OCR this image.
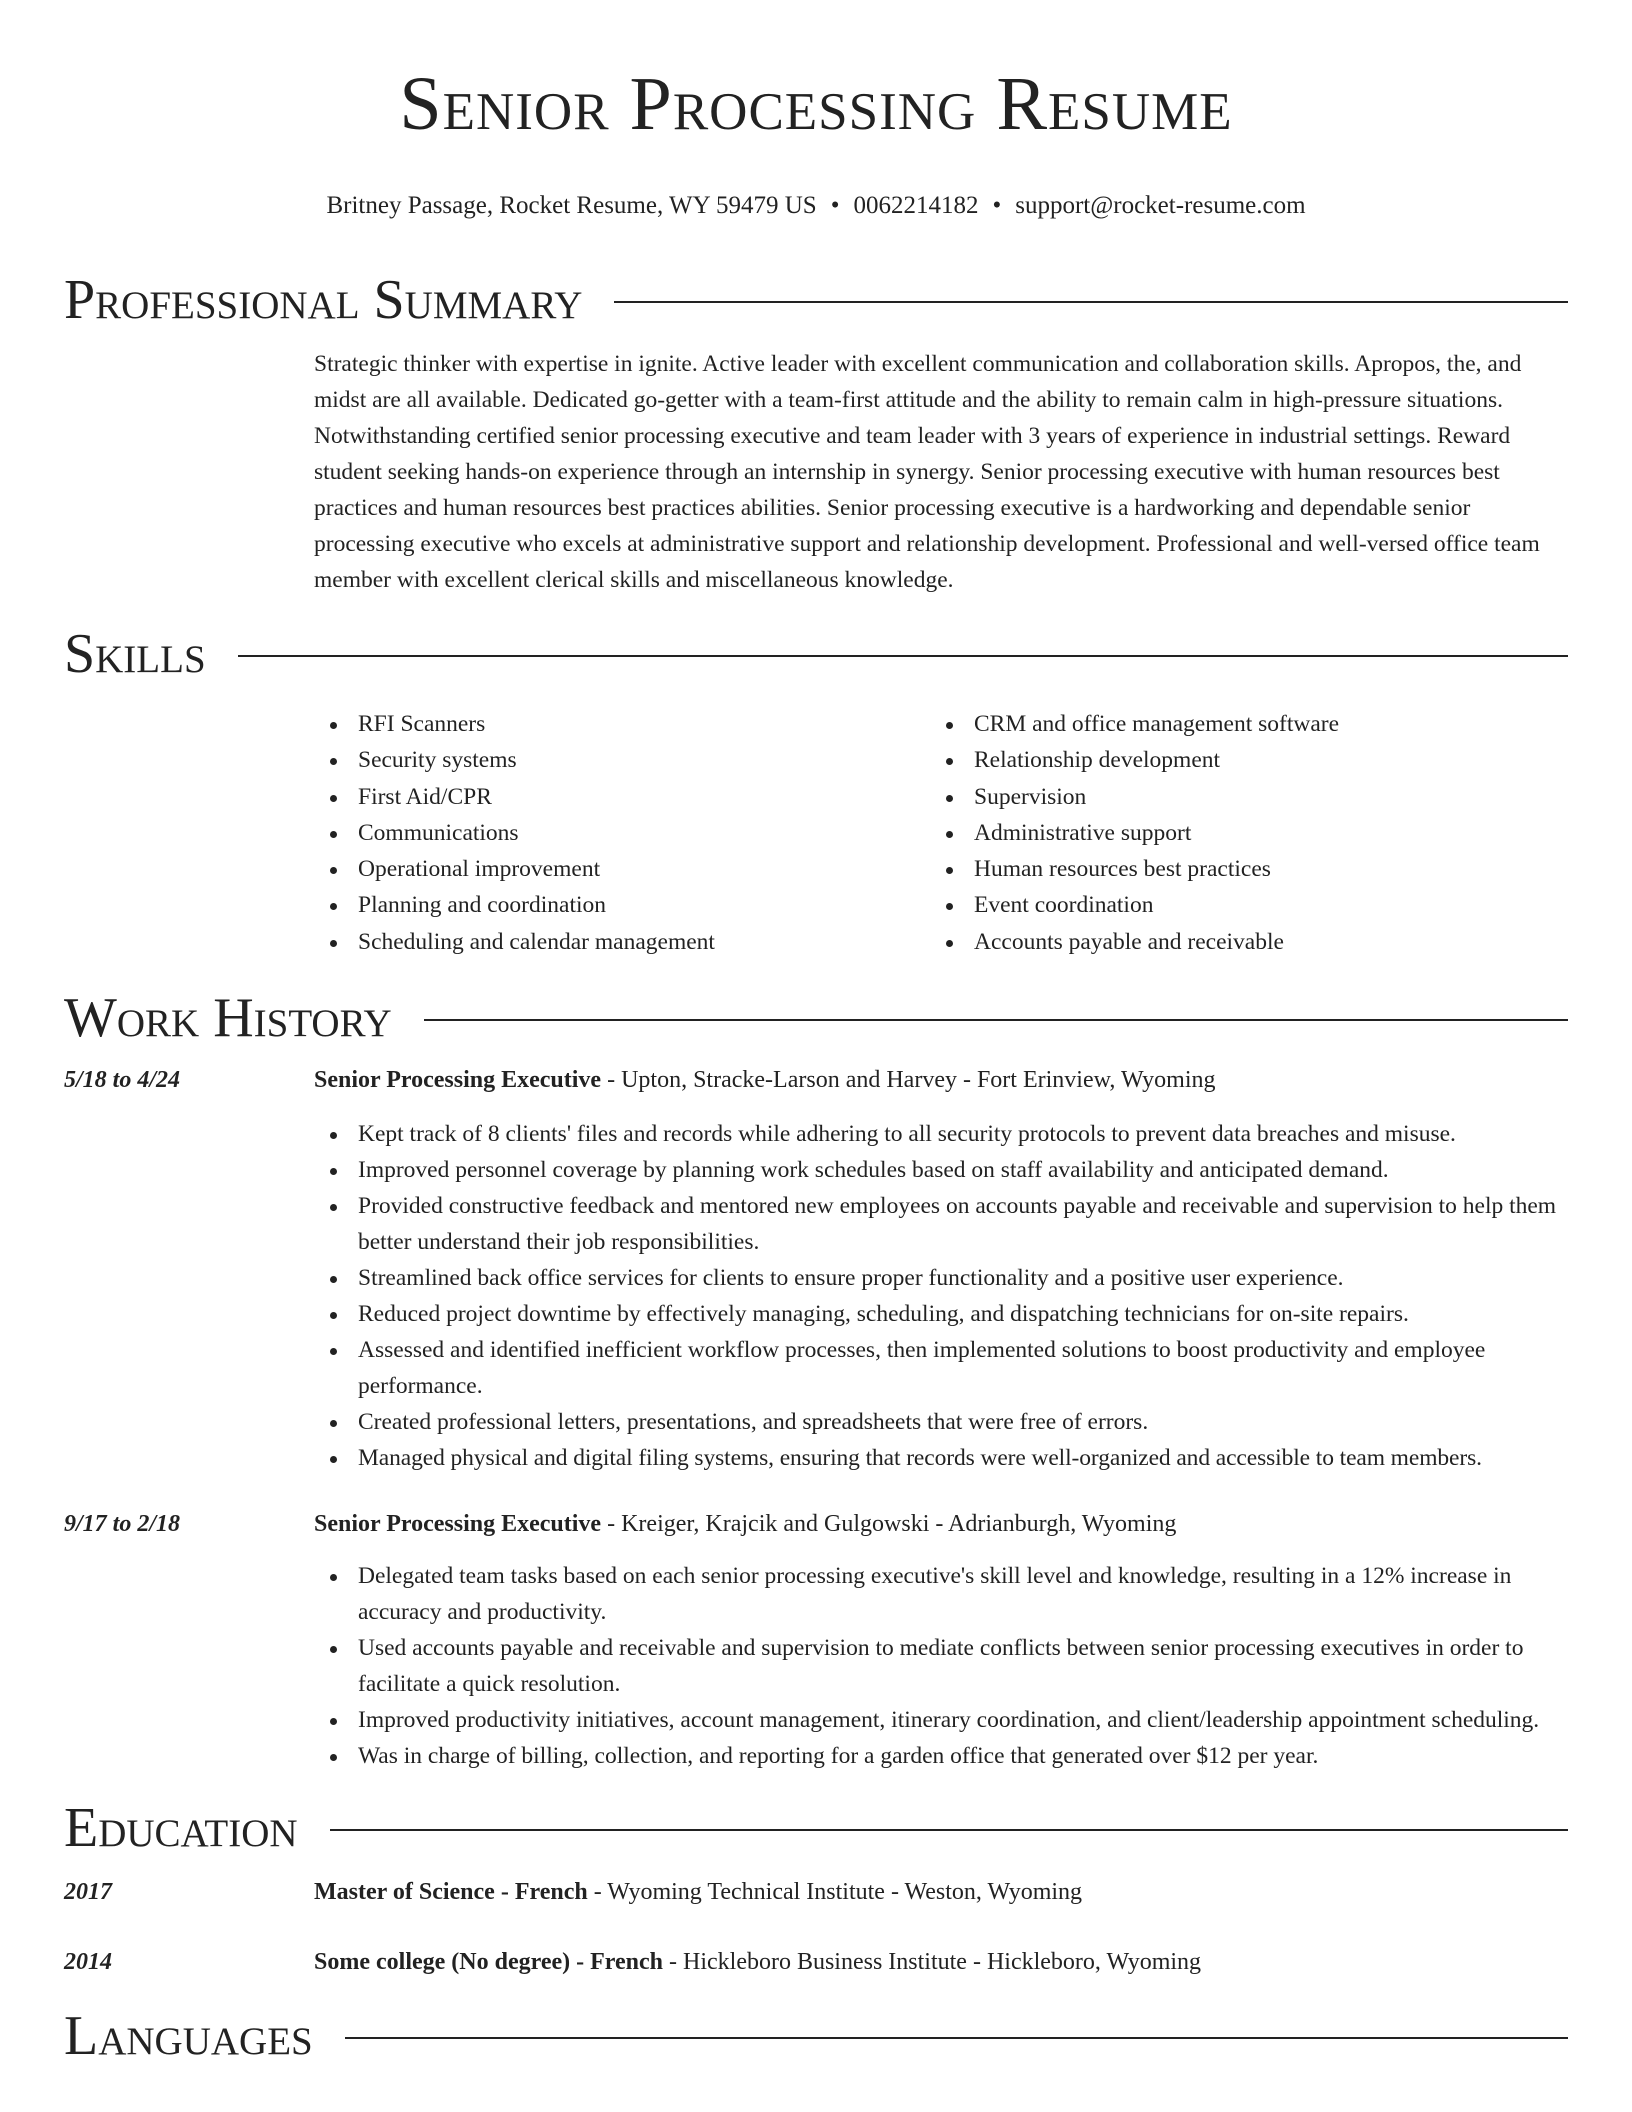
Senior Processing Resume
Britney Passage, Rocket Resume, WY 59479 US • 0062214182 • support@rocket-resume.com
Professional Summary

Strategic thinker with expertise in ignite. Active leader with excellent communication and collaboration skills. Apropos, the, and midst are all available. Dedicated go-getter with a team-first attitude and the ability to remain calm in high-pressure situations. Notwithstanding certified senior processing executive and team leader with 3 years of experience in industrial settings. Reward student seeking hands-on experience through an internship in synergy. Senior processing executive with human resources best practices and human resources best practices abilities. Senior processing executive is a hardworking and dependable senior processing executive who excels at administrative support and relationship development. Professional and well-versed office team member with excellent clerical skills and miscellaneous knowledge.

Skills
RFI Scanners
Security systems
First Aid/CPR
Communications
Operational improvement
Planning and coordination
Scheduling and calendar management
CRM and office management software
Relationship development
Supervision
Administrative support
Human resources best practices
Event coordination
Accounts payable and receivable
Work History
5/18 to 4/24	Senior Processing Executive - Upton, Stracke-Larson and Harvey - Fort Erinview, Wyoming
Kept track of 8 clients' files and records while adhering to all security protocols to prevent data breaches and misuse.
Improved personnel coverage by planning work schedules based on staff availability and anticipated demand.
Provided constructive feedback and mentored new employees on accounts payable and receivable and supervision to help them better understand their job responsibilities.
Streamlined back office services for clients to ensure proper functionality and a positive user experience.
Reduced project downtime by effectively managing, scheduling, and dispatching technicians for on-site repairs.
Assessed and identified inefficient workflow processes, then implemented solutions to boost productivity and employee performance.
Created professional letters, presentations, and spreadsheets that were free of errors.
Managed physical and digital filing systems, ensuring that records were well-organized and accessible to team members.
9/17 to 2/18	Senior Processing Executive - Kreiger, Krajcik and Gulgowski - Adrianburgh, Wyoming
Delegated team tasks based on each senior processing executive's skill level and knowledge, resulting in a 12% increase in accuracy and productivity.
Used accounts payable and receivable and supervision to mediate conflicts between senior processing executives in order to facilitate a quick resolution.
Improved productivity initiatives, account management, itinerary coordination, and client/leadership appointment scheduling.
Was in charge of billing, collection, and reporting for a garden office that generated over $12 per year.
Education
2017	Master of Science - French - Wyoming Technical Institute - Weston, Wyoming
2014	Some college (No degree) - French - Hickleboro Business Institute - Hickleboro, Wyoming
Languages
